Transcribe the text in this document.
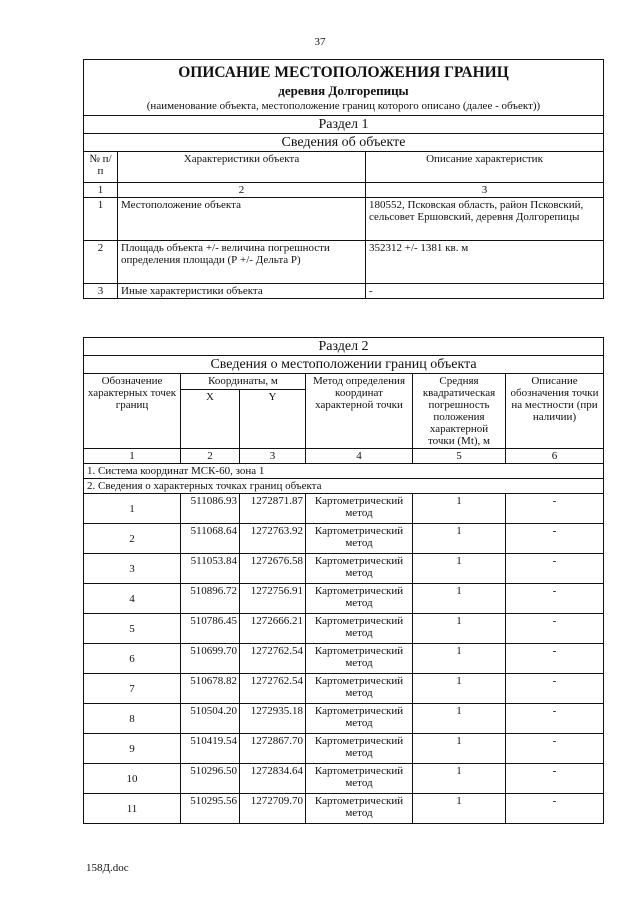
37
ОПИСАНИЕ МЕСТОПОЛОЖЕНИЯ ГРАНИЦ
деревня Долгорепицы
(наименование объекта, местоположение границ которого описано (далее - объект))		

Раздел 1		
Сведения об объекте		
№ п/п	Характеристики объекта	Описание характеристик
1	2	3
1	Местоположение объекта	180552, Псковская область, район Псковский, сельсовет Ершовский, деревня Долгорепицы
2	Площадь объекта +/- величина погрешности определения площади (Р +/- Дельта Р)	352312 +/- 1381 кв. м
3	Иные характеристики объекта	-
Раздел 2					
Сведения о местоположении границ объекта					
Обозначение характерных точек границ	Координаты, м		Метод определения координат характерной точки	Средняя квадратическая погрешность положения характерной точки (Mt), м	Описание обозначения точки на местности (при наличии)
	X	Y			
1	2	3	4	5	6
1. Система координат МСК-60, зона 1					
2. Сведения о характерных точках границ объекта					
1	511086.93	1272871.87	Картометрический метод	1	-
2	511068.64	1272763.92	Картометрический метод	1	-
3	511053.84	1272676.58	Картометрический метод	1	-
4	510896.72	1272756.91	Картометрический метод	1	-
5	510786.45	1272666.21	Картометрический метод	1	-
6	510699.70	1272762.54	Картометрический метод	1	-
7	510678.82	1272762.54	Картометрический метод	1	-
8	510504.20	1272935.18	Картометрический метод	1	-
9	510419.54	1272867.70	Картометрический метод	1	-
10	510296.50	1272834.64	Картометрический метод	1	-
11	510295.56	1272709.70	Картометрический метод	1	-
158Д.doc
